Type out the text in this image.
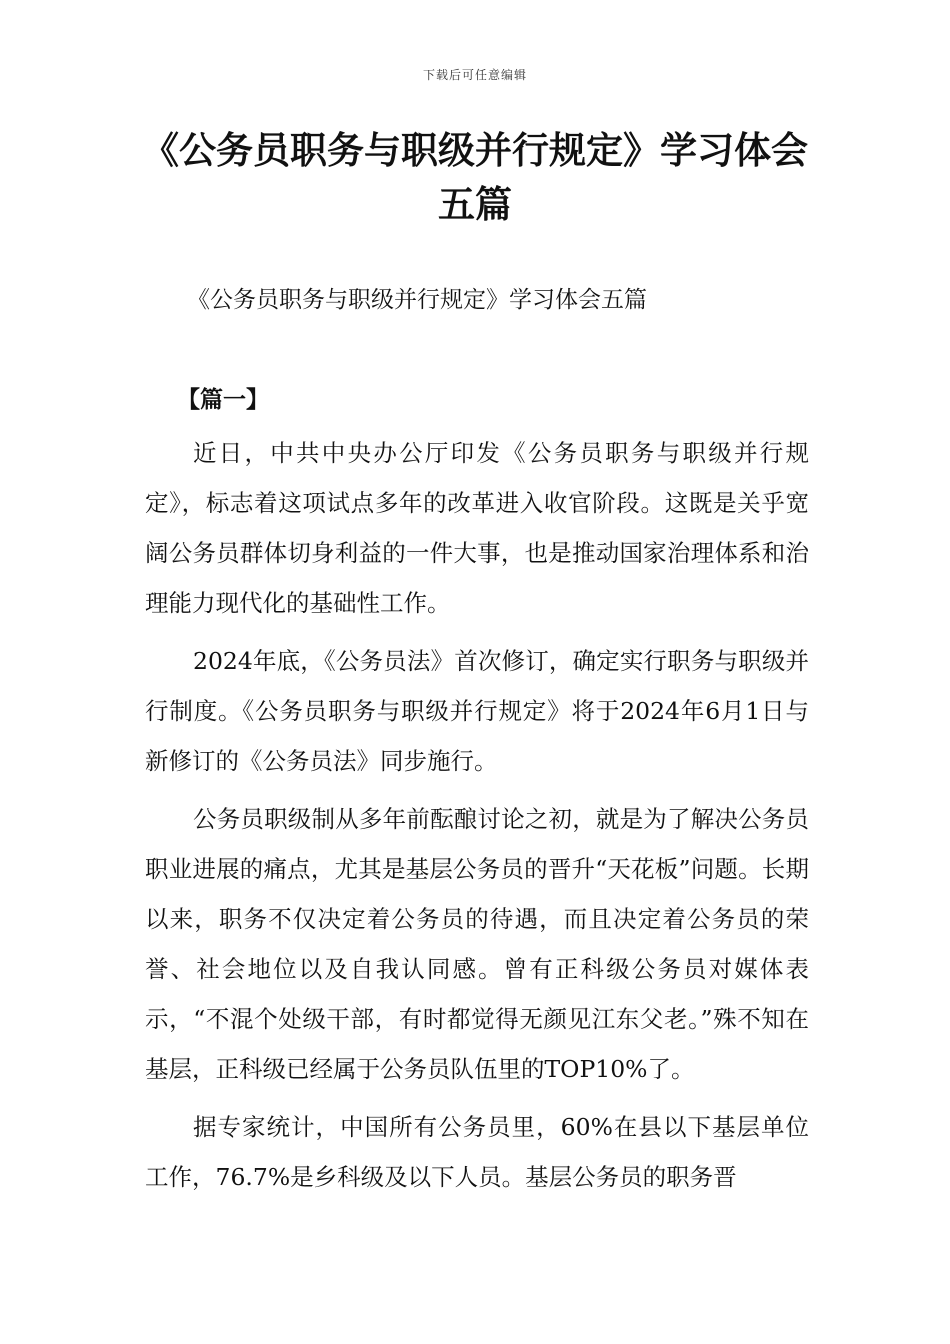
下载后可任意编辑
《公务员职务与职级并行规定》学习体会五篇

《公务员职务与职级并行规定》学习体会五篇

【篇一】

近日，中共中央办公厅印发《公务员职务与职级并行规定》，标志着这项试点多年的改革进入收官阶段。这既是关乎宽阔公务员群体切身利益的一件大事，也是推动国家治理体系和治理能力现代化的基础性工作。

2024年底，《公务员法》首次修订，确定实行职务与职级并行制度。《公务员职务与职级并行规定》将于2024年6月1日与新修订的《公务员法》同步施行。

公务员职级制从多年前酝酿讨论之初，就是为了解决公务员职业进展的痛点，尤其是基层公务员的晋升“天花板”问题。长期以来，职务不仅决定着公务员的待遇，而且决定着公务员的荣誉、社会地位以及自我认同感。曾有正科级公务员对媒体表示，“不混个处级干部，有时都觉得无颜见江东父老。”殊不知在基层，正科级已经属于公务员队伍里的TOP10%了。

据专家统计，中国所有公务员里，60%在县以下基层单位工作，76.7%是乡科级及以下人员。基层公务员的职务晋
